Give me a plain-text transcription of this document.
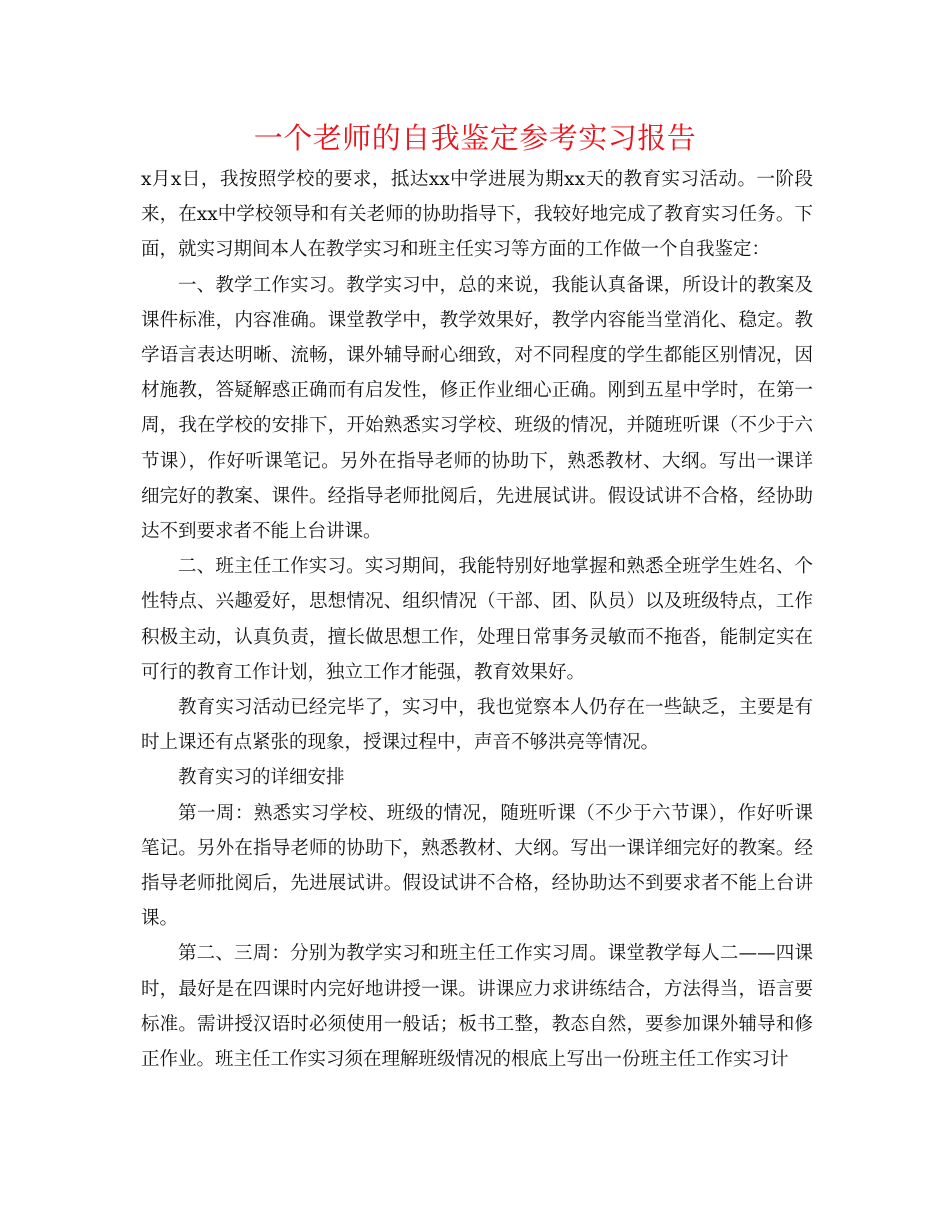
一个老师的自我鉴定参考实习报告

x月x日，我按照学校的要求，抵达xx中学进展为期xx天的教育实习活动。一阶段来，在xx中学校领导和有关老师的协助指导下，我较好地完成了教育实习任务。下面，就实习期间本人在教学实习和班主任实习等方面的工作做一个自我鉴定：

一、教学工作实习。教学实习中，总的来说，我能认真备课，所设计的教案及课件标准，内容准确。课堂教学中，教学效果好，教学内容能当堂消化、稳定。教学语言表达明晰、流畅，课外辅导耐心细致，对不同程度的学生都能区别情况，因材施教，答疑解惑正确而有启发性，修正作业细心正确。刚到五星中学时，在第一周，我在学校的安排下，开始熟悉实习学校、班级的情况，并随班听课（不少于六节课），作好听课笔记。另外在指导老师的协助下，熟悉教材、大纲。写出一课详细完好的教案、课件。经指导老师批阅后，先进展试讲。假设试讲不合格，经协助达不到要求者不能上台讲课。

二、班主任工作实习。实习期间，我能特别好地掌握和熟悉全班学生姓名、个性特点、兴趣爱好，思想情况、组织情况（干部、团、队员）以及班级特点，工作积极主动，认真负责，擅长做思想工作，处理日常事务灵敏而不拖沓，能制定实在可行的教育工作计划，独立工作才能强，教育效果好。

教育实习活动已经完毕了，实习中，我也觉察本人仍存在一些缺乏，主要是有时上课还有点紧张的现象，授课过程中，声音不够洪亮等情况。

教育实习的详细安排

第一周：熟悉实习学校、班级的情况，随班听课（不少于六节课），作好听课笔记。另外在指导老师的协助下，熟悉教材、大纲。写出一课详细完好的教案。经指导老师批阅后，先进展试讲。假设试讲不合格，经协助达不到要求者不能上台讲课。

第二、三周：分别为教学实习和班主任工作实习周。课堂教学每人二——四课时，最好是在四课时内完好地讲授一课。讲课应力求讲练结合，方法得当，语言要标准。需讲授汉语时必须使用一般话；板书工整，教态自然，要参加课外辅导和修正作业。班主任工作实习须在理解班级情况的根底上写出一份班主任工作实习计
